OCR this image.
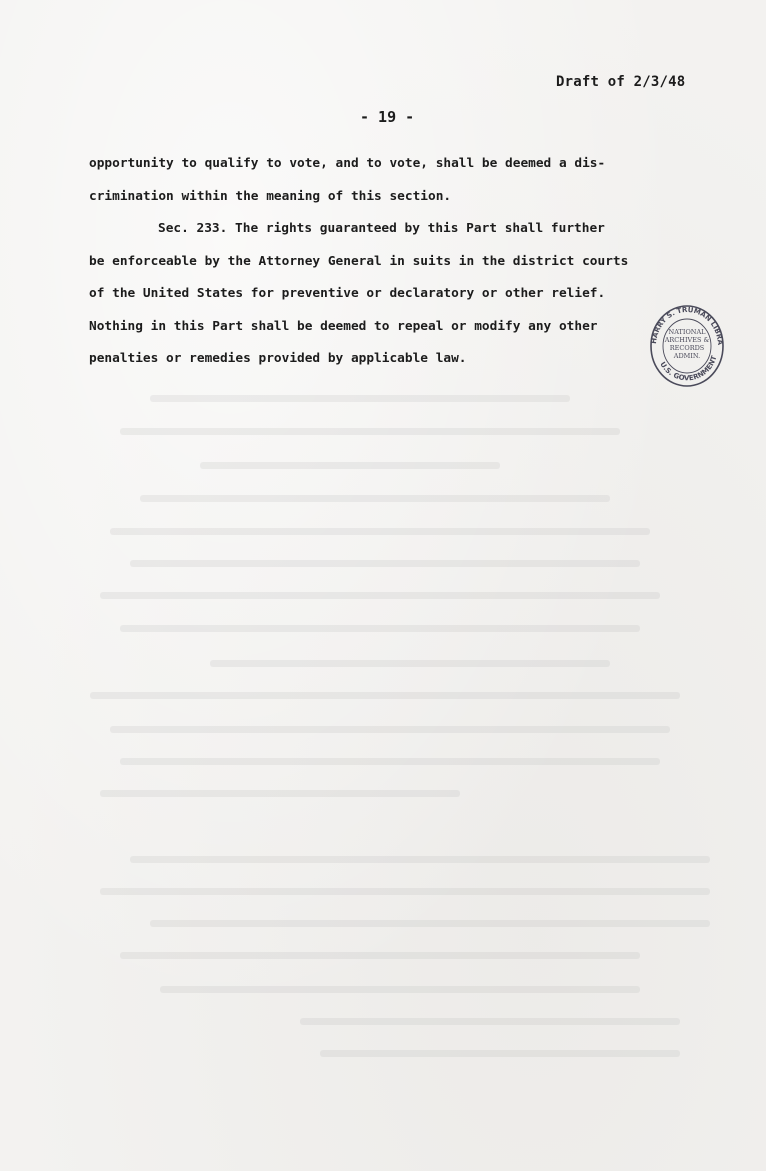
Draft of 2/3/48
- 19 -
opportunity to qualify to vote, and to vote, shall be deemed a dis-
crimination within the meaning of this section.
Sec. 233. The rights guaranteed by this Part shall further
be enforceable by the Attorney General in suits in the district courts
of the United States for preventive or declaratory or other relief.
Nothing in this Part shall be deemed to repeal or modify any other
penalties or remedies provided by applicable law.
HARRY S. TRUMAN LIBRA
U.S. GOVERNMENT
NATIONAL ARCHIVES & RECORDS ADMIN.
